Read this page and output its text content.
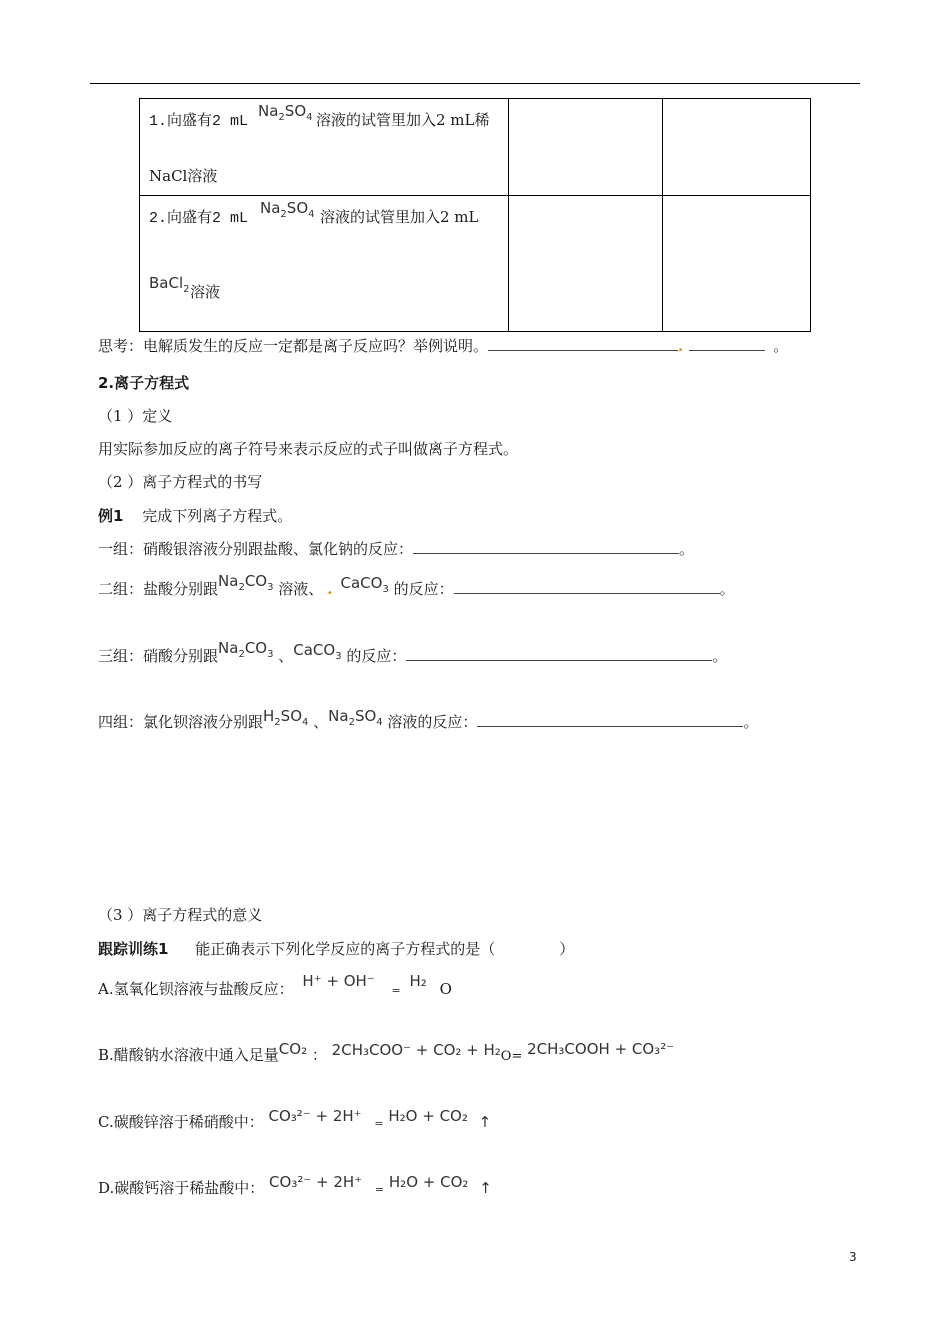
1.向盛有2 mL
$Na_2SO_4$ 溶液的试管里加入2 mL稀
NaCl溶液		

2.向盛有2 mL
$Na_2SO_4$ 溶液的试管里加入2 mL
BaCl$_2$ 溶液		

思考：电解质发生的反应一定都是离子反应吗？举例说明。	.	。
2.离子方程式
（1 ）定义
用实际参加反应的离子符号来表示反应的式子叫做离子方程式。
（2 ）离子方程式的书写
例1 完成下列离子方程式。
一组：硝酸银溶液分别跟盐酸、氯化钠的反应：	。
二组：盐酸分别跟$Na_2CO_3$ 溶液、 . CaCO$_3$ 的反应：	。
三组：硝酸分别跟$Na_2CO_3$ 、CaCO$_3$ 的反应：	。
四组：氯化钡溶液分别跟$H_2SO_4$ 、$Na_2SO_4$ 溶液的反应：	。
（3 ）离子方程式的意义
跟踪训练1 能正确表示下列化学反应的离子方程式的是（	）
A.氢氧化钡溶液与盐酸反应： H⁺ + OH⁻ = H₂ O
B.醋酸钠水溶液中通入足量CO₂ ： 2CH₃COO⁻ + CO₂ + H₂O= 2CH₃COOH + CO₃²⁻
C.碳酸锌溶于稀硝酸中： CO₃²⁻ + 2H⁺ = H₂O + CO₂ ↑
D.碳酸钙溶于稀盐酸中： CO₃²⁻ + 2H⁺ = H₂O + CO₂ ↑
3
